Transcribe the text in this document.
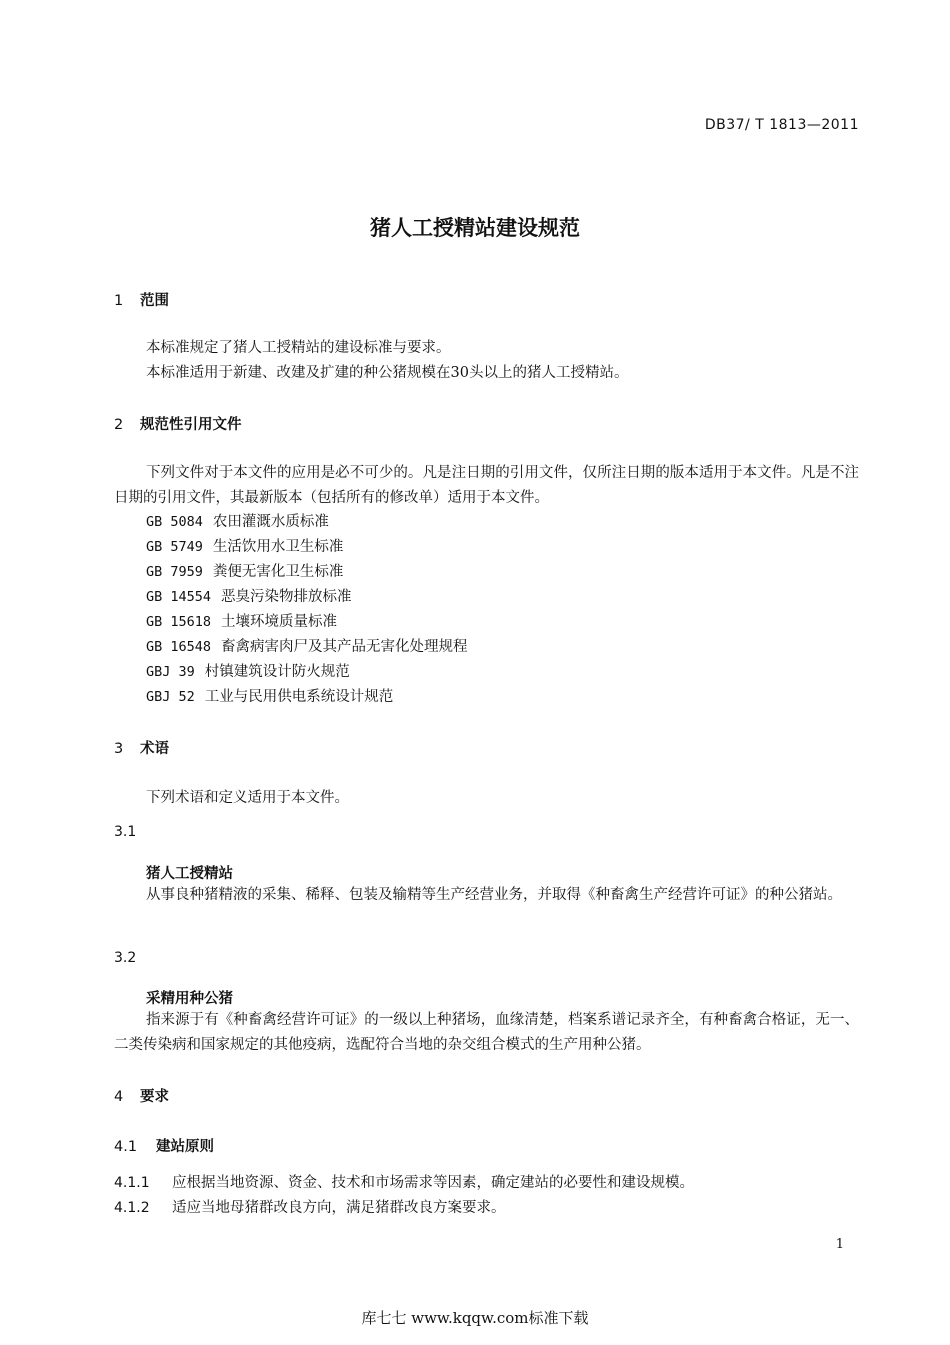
DB37/ T 1813—2011
猪人工授精站建设规范
1 范围
本标准规定了猪人工授精站的建设标准与要求。
本标准适用于新建、改建及扩建的种公猪规模在30头以上的猪人工授精站。
2 规范性引用文件
下列文件对于本文件的应用是必不可少的。凡是注日期的引用文件，仅所注日期的版本适用于本文件。凡是不注日期的引用文件，其最新版本（包括所有的修改单）适用于本文件。
GB 5084 农田灌溉水质标准
GB 5749 生活饮用水卫生标准
GB 7959 粪便无害化卫生标准
GB 14554 恶臭污染物排放标准
GB 15618 土壤环境质量标准
GB 16548 畜禽病害肉尸及其产品无害化处理规程
GBJ 39 村镇建筑设计防火规范
GBJ 52 工业与民用供电系统设计规范
3 术语
下列术语和定义适用于本文件。
3.1
猪人工授精站
从事良种猪精液的采集、稀释、包装及输精等生产经营业务，并取得《种畜禽生产经营许可证》的种公猪站。
3.2
采精用种公猪
指来源于有《种畜禽经营许可证》的一级以上种猪场，血缘清楚，档案系谱记录齐全，有种畜禽合格证，无一、二类传染病和国家规定的其他疫病，选配符合当地的杂交组合模式的生产用种公猪。
4 要求
4.1 建站原则
4.1.1 应根据当地资源、资金、技术和市场需求等因素，确定建站的必要性和建设规模。
4.1.2 适应当地母猪群改良方向，满足猪群改良方案要求。
1
库七七 www.kqqw.com标准下载
